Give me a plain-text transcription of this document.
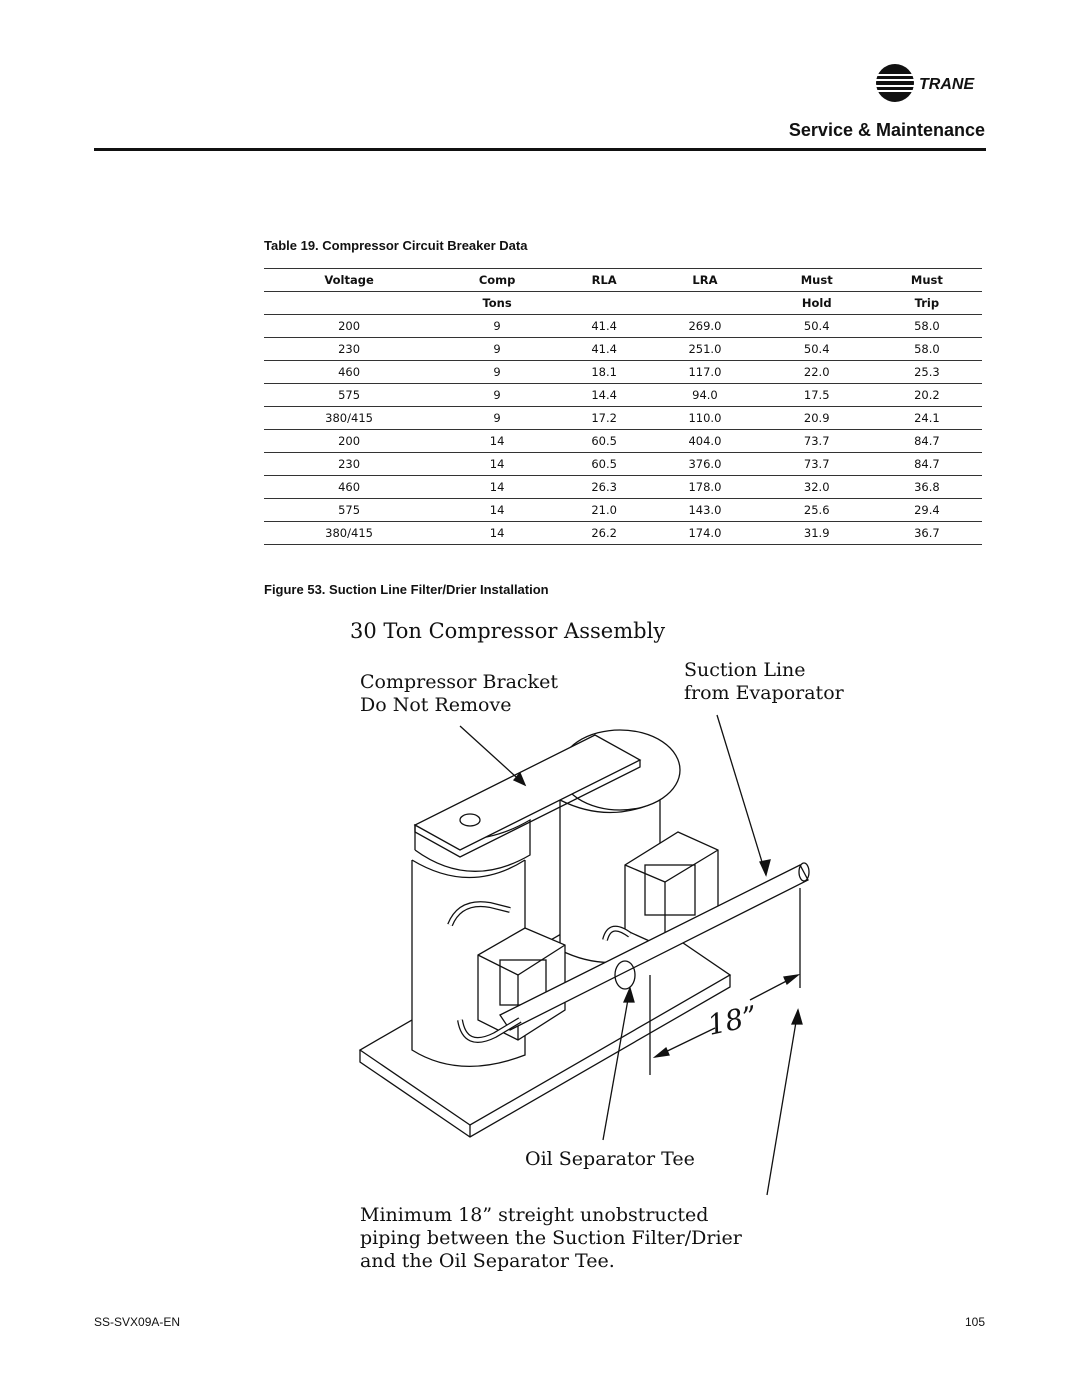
TRANE
Service & Maintenance
Table 19. Compressor Circuit Breaker Data
Voltage	Comp	RLA	LRA	Must	Must
	Tons			Hold	Trip
200	9	41.4	269.0	50.4	58.0
230	9	41.4	251.0	50.4	58.0
460	9	18.1	117.0	22.0	25.3
575	9	14.4	94.0	17.5	20.2
380/415	9	17.2	110.0	20.9	24.1
200	14	60.5	404.0	73.7	84.7
230	14	60.5	376.0	73.7	84.7
460	14	26.3	178.0	32.0	36.8
575	14	21.0	143.0	25.6	29.4
380/415	14	26.2	174.0	31.9	36.7
Figure 53. Suction Line Filter/Drier Installation
30 Ton Compressor Assembly
Compressor Bracket
Do Not Remove
Suction Line
from Evaporator
18”
Oil Separator Tee
Minimum 18” streight unobstructed
piping between the Suction Filter/Drier
and the Oil Separator Tee.
SS-SVX09A-EN	105
